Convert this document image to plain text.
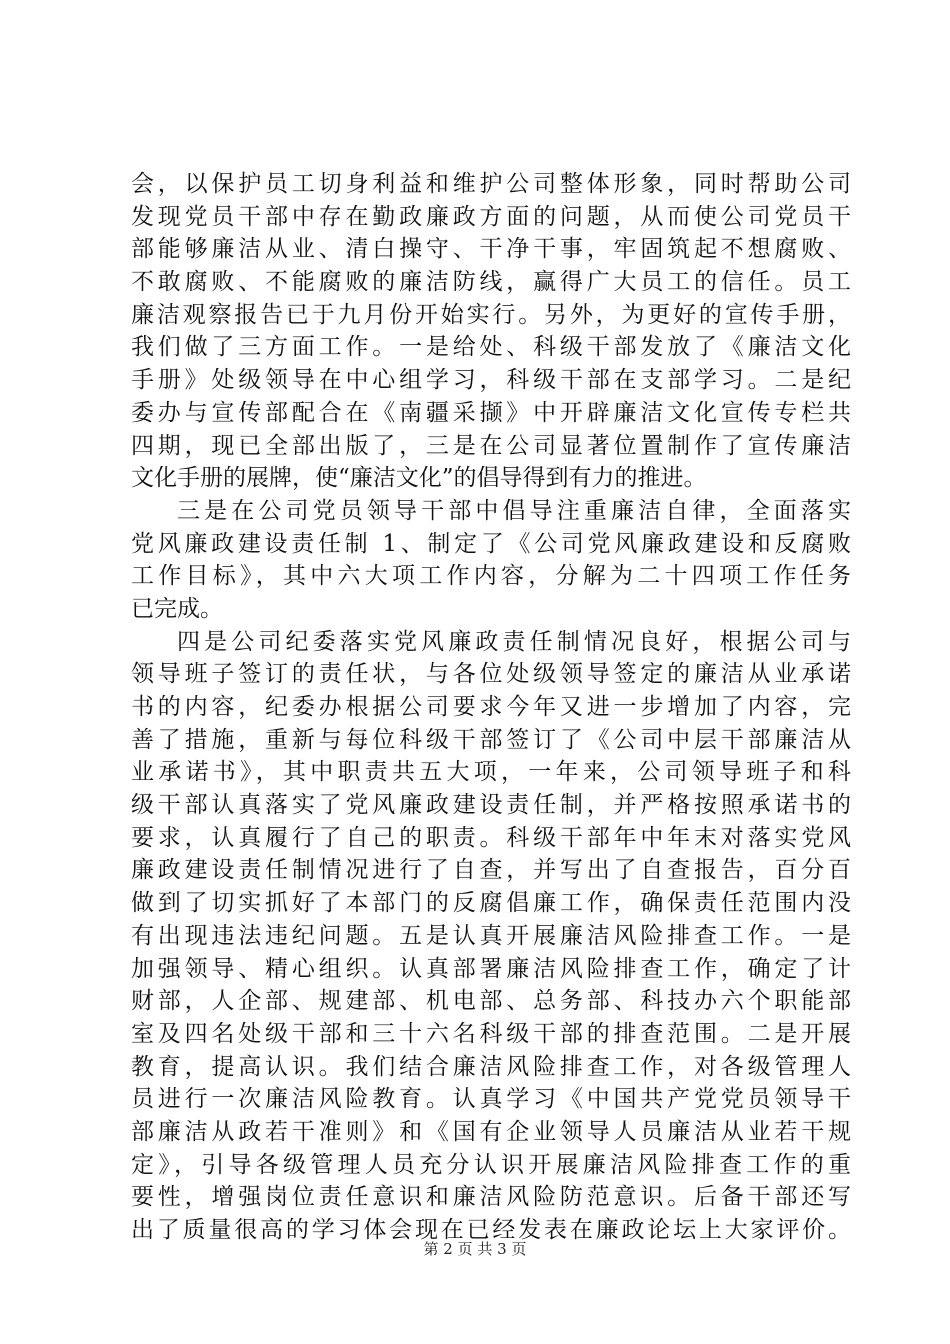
会，以保护员工切身利益和维护公司整体形象，同时帮助公司
发现党员干部中存在勤政廉政方面的问题，从而使公司党员干
部能够廉洁从业、清白操守、干净干事，牢固筑起不想腐败、
不敢腐败、不能腐败的廉洁防线，赢得广大员工的信任。员工
廉洁观察报告已于九月份开始实行。另外，为更好的宣传手册，
我们做了三方面工作。一是给处、科级干部发放了《廉洁文化
手册》处级领导在中心组学习，科级干部在支部学习。二是纪
委办与宣传部配合在《南疆采撷》中开辟廉洁文化宣传专栏共
四期，现已全部出版了，三是在公司显著位置制作了宣传廉洁
文化手册的展牌，使“廉洁文化”的倡导得到有力的推进。
三是在公司党员领导干部中倡导注重廉洁自律，全面落实
党风廉政建设责任制 1、制定了《公司党风廉政建设和反腐败
工作目标》，其中六大项工作内容，分解为二十四项工作任务
已完成。
四是公司纪委落实党风廉政责任制情况良好，根据公司与
领导班子签订的责任状，与各位处级领导签定的廉洁从业承诺
书的内容，纪委办根据公司要求今年又进一步增加了内容，完
善了措施，重新与每位科级干部签订了《公司中层干部廉洁从
业承诺书》，其中职责共五大项，一年来，公司领导班子和科
级干部认真落实了党风廉政建设责任制，并严格按照承诺书的
要求，认真履行了自己的职责。科级干部年中年末对落实党风
廉政建设责任制情况进行了自查，并写出了自查报告，百分百
做到了切实抓好了本部门的反腐倡廉工作，确保责任范围内没
有出现违法违纪问题。五是认真开展廉洁风险排查工作。一是
加强领导、精心组织。认真部署廉洁风险排查工作，确定了计
财部，人企部、规建部、机电部、总务部、科技办六个职能部
室及四名处级干部和三十六名科级干部的排查范围。二是开展
教育，提高认识。我们结合廉洁风险排查工作，对各级管理人
员进行一次廉洁风险教育。认真学习《中国共产党党员领导干
部廉洁从政若干准则》和《国有企业领导人员廉洁从业若干规
定》，引导各级管理人员充分认识开展廉洁风险排查工作的重
要性，增强岗位责任意识和廉洁风险防范意识。后备干部还写
出了质量很高的学习体会现在已经发表在廉政论坛上大家评价。
第 2 页 共 3 页
